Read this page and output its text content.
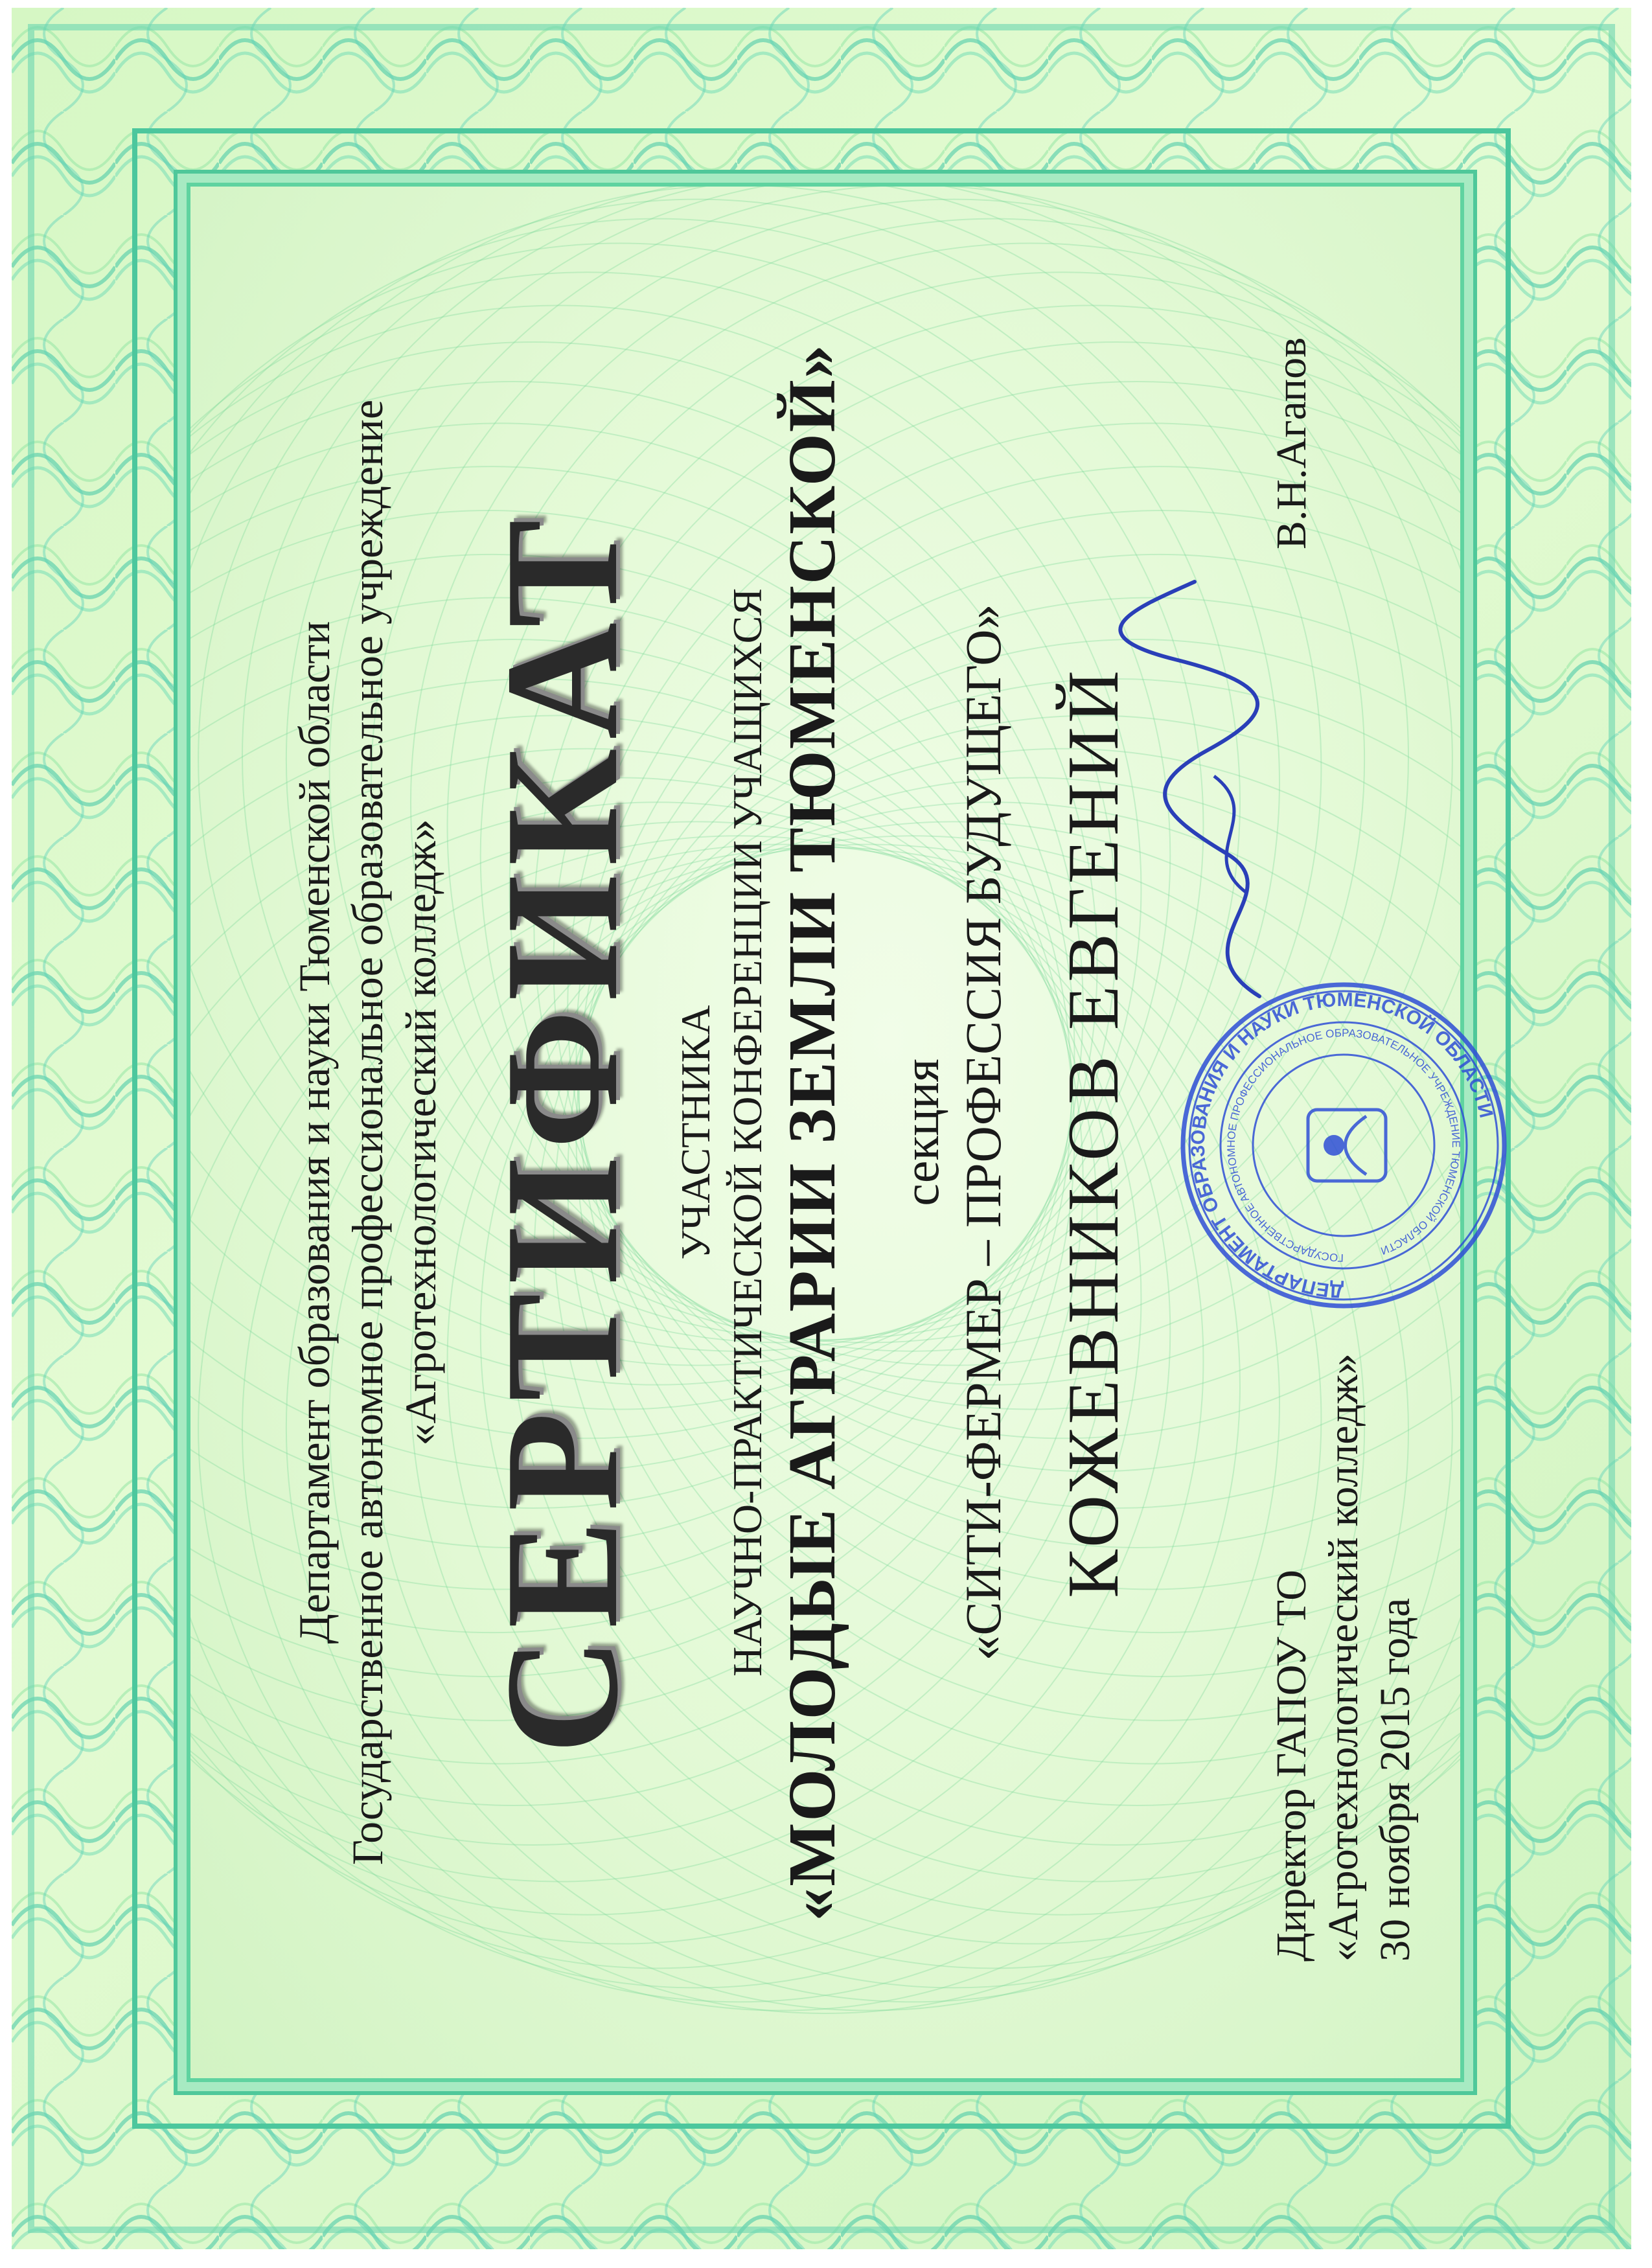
Департамент образования и науки Тюменской области Государственное автономное профессиональное образовательное учреждение «Агротехнологический колледж» СЕРТИФИКАТ УЧАСТНИКА НАУЧНО-ПРАКТИЧЕСКОЙ КОНФЕРЕНЦИИ УЧАЩИХСЯ «МОЛОДЫЕ АГРАРИИ ЗЕМЛИ ТЮМЕНСКОЙ» секция «СИТИ-ФЕРМЕР – ПРОФЕССИЯ БУДУЩЕГО» КОЖЕВНИКОВ ЕВГЕНИЙ
Директор ГАПОУ ТО «Агротехнологический колледж» 30 ноября 2015 года
В.Н.Агапов
ДЕПАРТАМЕНТ ОБРАЗОВАНИЯ И НАУКИ ТЮМЕНСКОЙ ОБЛАСТИ
ГОСУДАРСТВЕННОЕ АВТОНОМНОЕ ПРОФЕССИОНАЛЬНОЕ ОБРАЗОВАТЕЛЬНОЕ УЧРЕЖДЕНИЕ ТЮМЕНСКОЙ ОБЛАСТИ
